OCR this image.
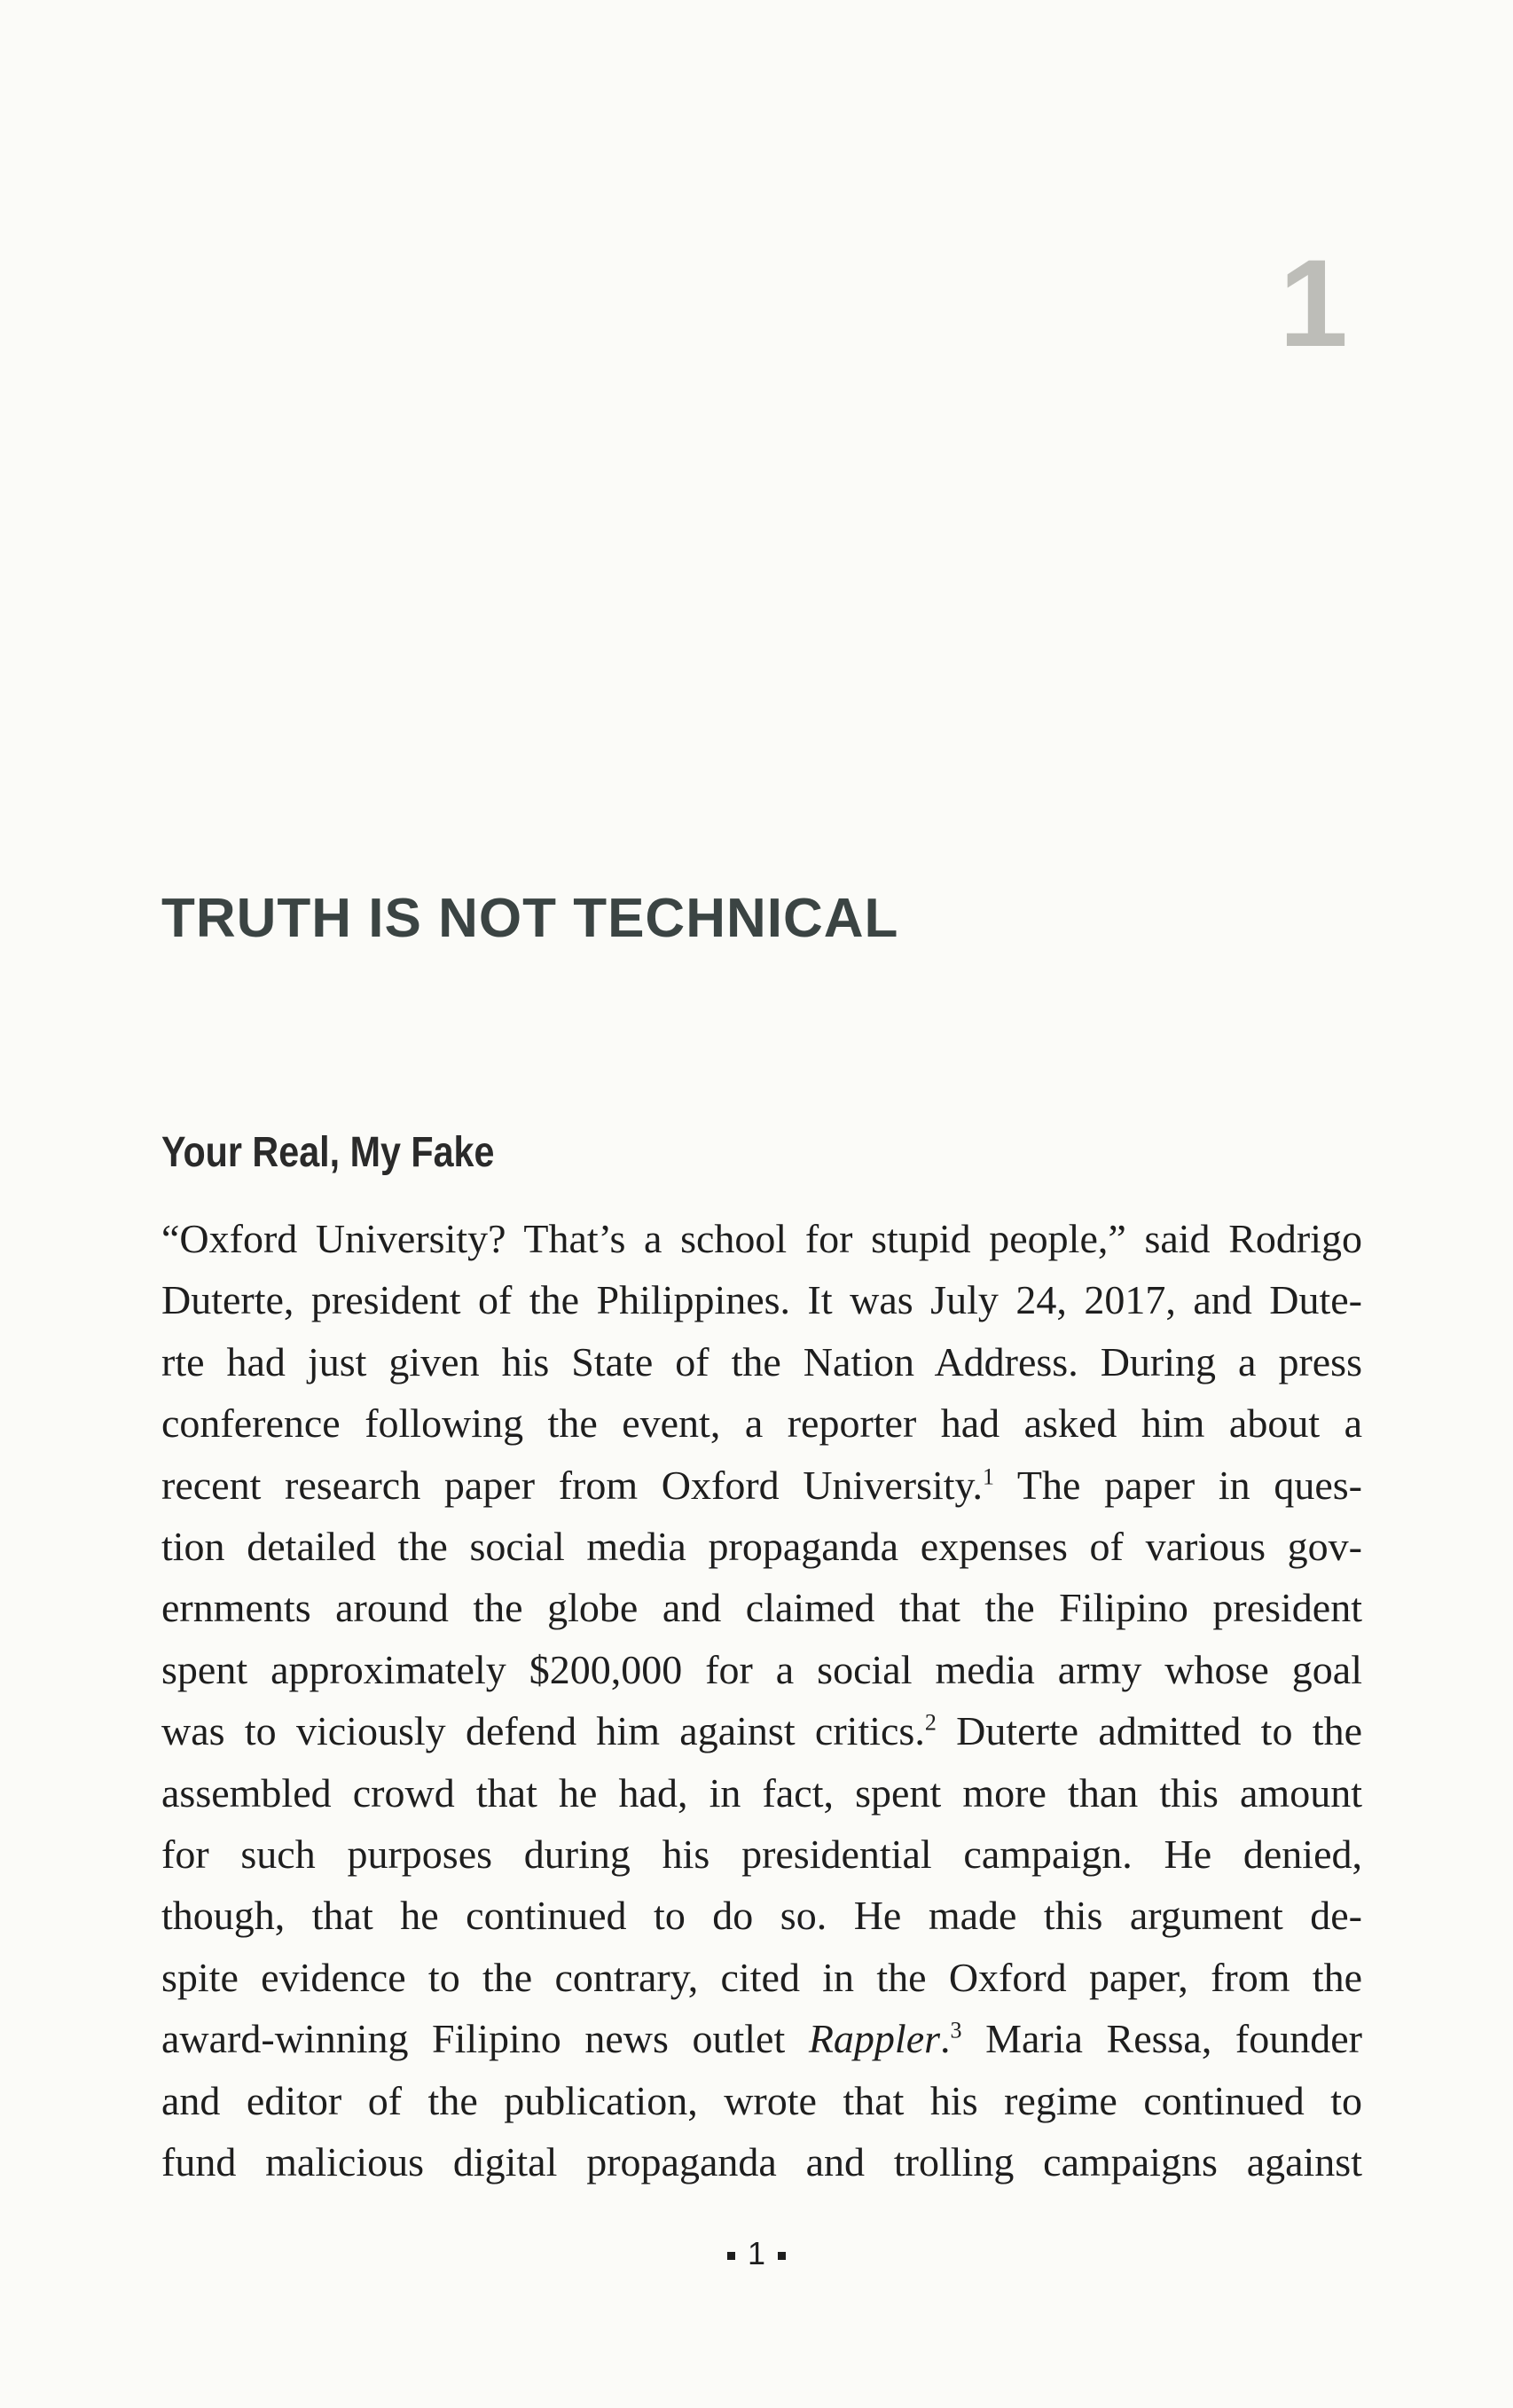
1
TRUTH IS NOT TECHNICAL
Your Real, My Fake
“Oxford University? That’s a school for stupid people,” said Rodrigo
Duterte, president of the Philippines. It was July 24, 2017, and Dute-
rte had just given his State of the Nation Address. During a press
conference following the event, a reporter had asked him about a
recent research paper from Oxford University.$^1$ The paper in ques-
tion detailed the social media propaganda expenses of various gov-
ernments around the globe and claimed that the Filipino president
spent approximately $200,000 for a social media army whose goal
was to viciously defend him against critics.$^2$ Duterte admitted to the
assembled crowd that he had, in fact, spent more than this amount
for such purposes during his presidential campaign. He denied,
though, that he continued to do so. He made this argument de-
spite evidence to the contrary, cited in the Oxford paper, from the
award-winning Filipino news outlet Rappler.$^3$ Maria Ressa, founder
and editor of the publication, wrote that his regime continued to
fund malicious digital propaganda and trolling campaigns against
1
